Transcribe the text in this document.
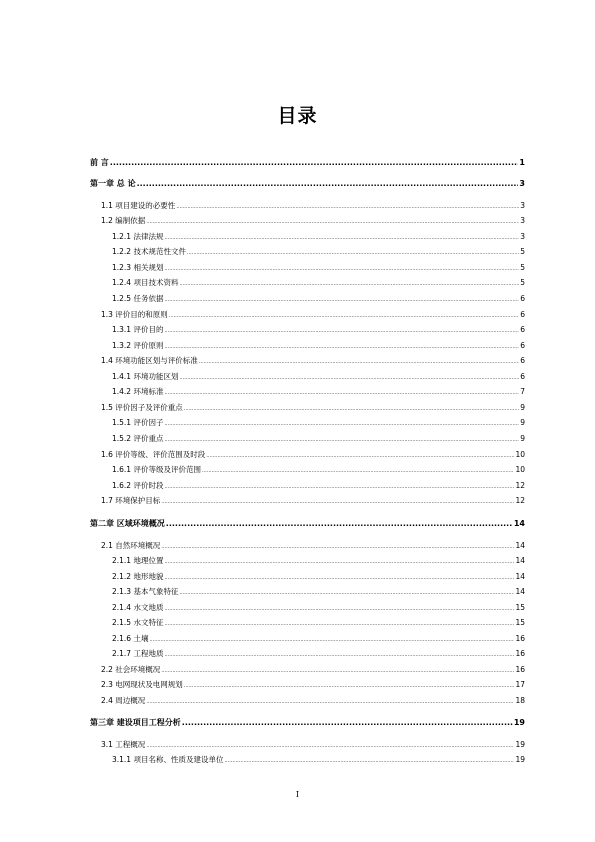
目录
前 言 .....	1
第一章 总 论 .....	3
1.1 项目建设的必要性 .....	3
1.2 编制依据 .....	3
1.2.1 法律法规 .....	3
1.2.2 技术规范性文件 .....	5
1.2.3 相关规划 .....	5
1.2.4 项目技术资料 .....	5
1.2.5 任务依据 .....	6
1.3 评价目的和原则 .....	6
1.3.1 评价目的 .....	6
1.3.2 评价原则 .....	6
1.4 环境功能区划与评价标准 .....	6
1.4.1 环境功能区划 .....	6
1.4.2 环境标准 .....	7
1.5 评价因子及评价重点 .....	9
1.5.1 评价因子 .....	9
1.5.2 评价重点 .....	9
1.6 评价等级、评价范围及时段 .....	10
1.6.1 评价等级及评价范围 .....	10
1.6.2 评价时段 .....	12
1.7 环境保护目标 .....	12
第二章 区域环境概况 .....	14
2.1 自然环境概况 .....	14
2.1.1 地理位置 .....	14
2.1.2 地形地貌 .....	14
2.1.3 基本气象特征 .....	14
2.1.4 水文地质 .....	15
2.1.5 水文特征 .....	15
2.1.6 土壤 .....	16
2.1.7 工程地质 .....	16
2.2 社会环境概况 .....	16
2.3 电网现状及电网规划 .....	17
2.4 周边概况 .....	18
第三章 建设项目工程分析 .....	19
3.1 工程概况 .....	19
3.1.1 项目名称、性质及建设单位 .....	19
I
